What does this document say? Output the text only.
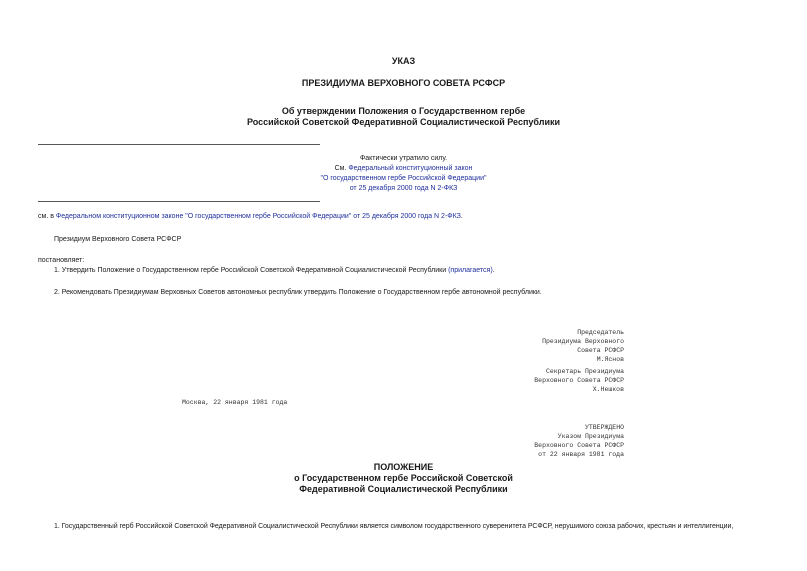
УКАЗ
ПРЕЗИДИУМА ВЕРХОВНОГО СОВЕТА РСФСР
Об утверждении Положения о Государственном гербе
Российской Советской Федеративной Социалистической Республики
Фактически утратило силу.
См. Федеральный конституционный закон
"О государственном гербе Российской Федерации"
от 25 декабря 2000 года N 2-ФКЗ
см. в Федеральном конституционном законе "О государственном гербе Российской Федерации" от 25 декабря 2000 года N 2-ФКЗ.
Президиум Верховного Совета РСФСР
постановляет:
1. Утвердить Положение о Государственном гербе Российской Советской Федеративной Социалистической Республики (прилагается).
2. Рекомендовать Президиумам Верховных Советов автономных республик утвердить Положение о Государственном гербе автономной республики.
Председатель
Президиума Верховного
Совета РСФСР
М.Яснов
Секретарь Президиума
Верховного Совета РСФСР
Х.Нешков
Москва, 22 января 1981 года
УТВЕРЖДЕНО
Указом Президиума
Верховного Совета РСФСР
от 22 января 1981 года
ПОЛОЖЕНИЕ
о Государственном гербе Российской Советской
Федеративной Социалистической Республики
1. Государственный герб Российской Советской Федеративной Социалистической Республики является символом государственного суверенитета РСФСР, нерушимого союза рабочих, крестьян и интеллигенции,
